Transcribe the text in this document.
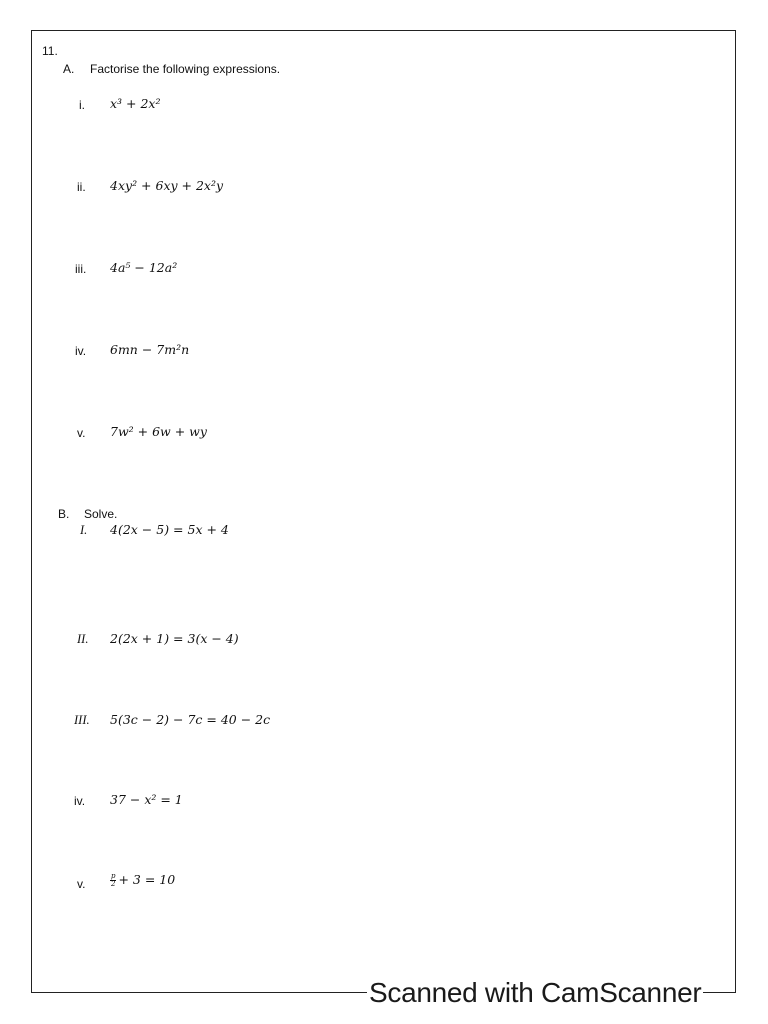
11.
A. Factorise the following expressions.
i. x³ + 2x²
ii. 4xy² + 6xy + 2x²y
iii. 4a⁵ − 12a²
iv. 6mn − 7m²n
v. 7w² + 6w + wy
B. Solve.
I. 4(2x − 5) = 5x + 4
II. 2(2x + 1) = 3(x − 4)
III. 5(3c − 2) − 7c = 40 − 2c
iv. 37 − x² = 1
v.	$\frac{p}{2} + 3 = 10$
Scanned with CamScanner
